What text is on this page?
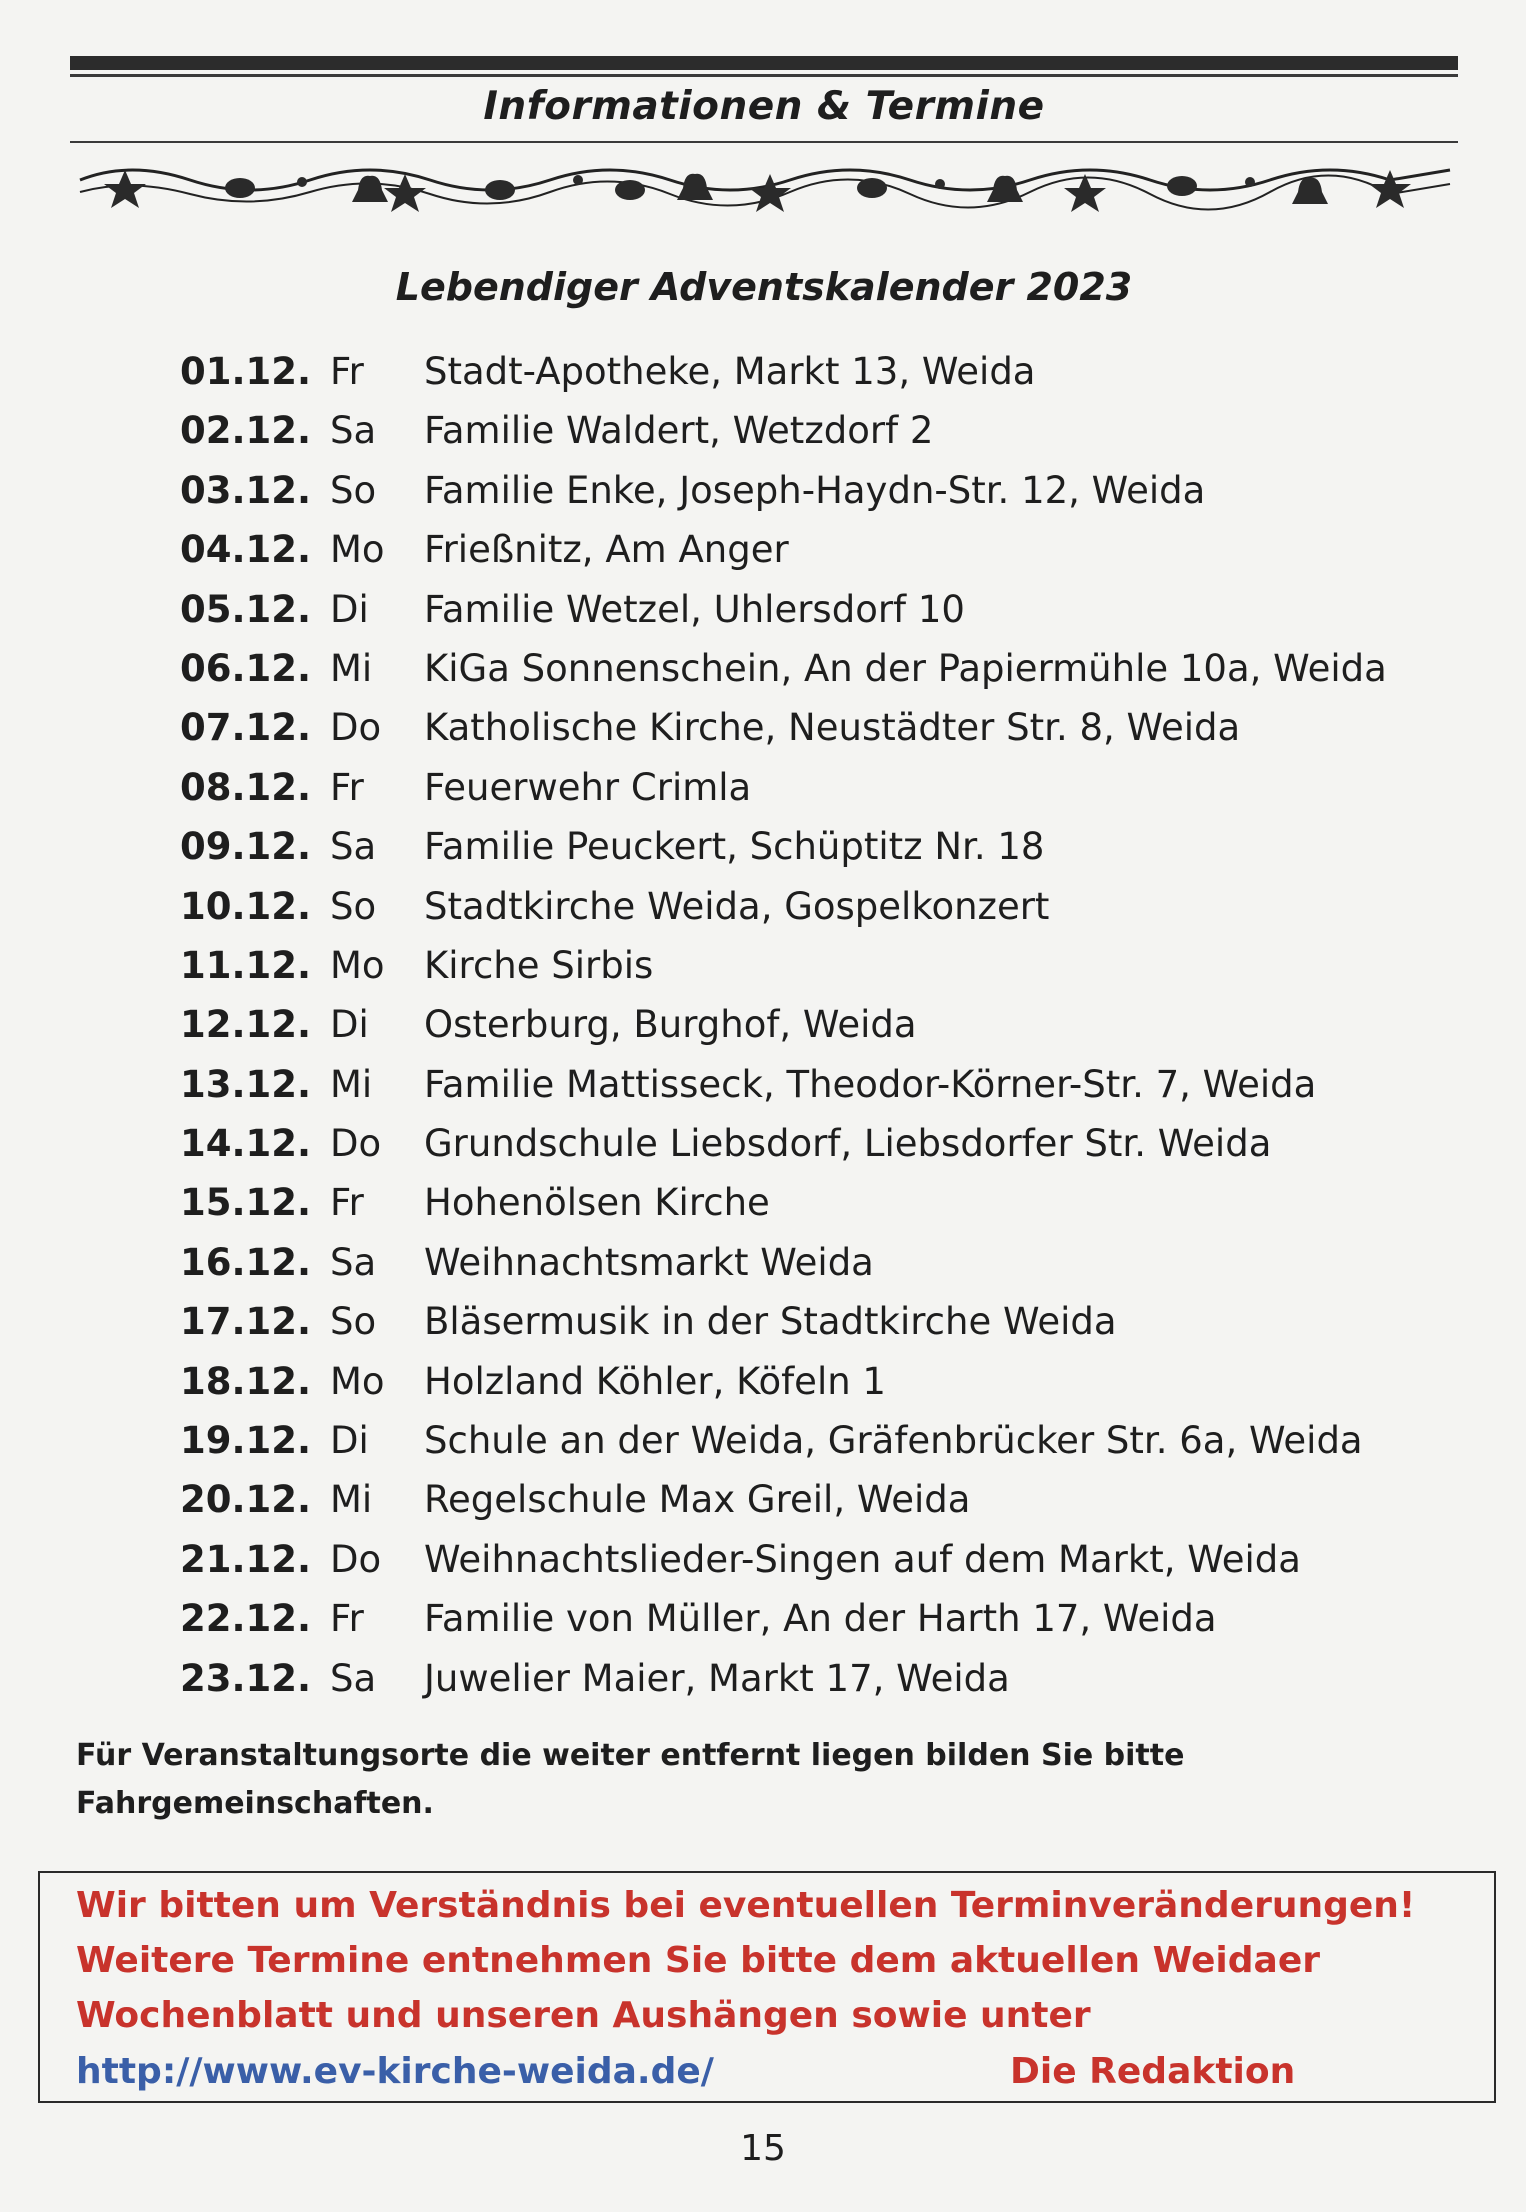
Informationen & Termine
Lebendiger Adventskalender 2023
01.12. Fr Stadt-Apotheke, Markt 13, Weida
02.12. Sa Familie Waldert, Wetzdorf 2
03.12. So Familie Enke, Joseph-Haydn-Str. 12, Weida
04.12. Mo Frießnitz, Am Anger
05.12. Di Familie Wetzel, Uhlersdorf 10
06.12. Mi KiGa Sonnenschein, An der Papiermühle 10a, Weida
07.12. Do Katholische Kirche, Neustädter Str. 8, Weida
08.12. Fr Feuerwehr Crimla
09.12. Sa Familie Peuckert, Schüptitz Nr. 18
10.12. So Stadtkirche Weida, Gospelkonzert
11.12. Mo Kirche Sirbis
12.12. Di Osterburg, Burghof, Weida
13.12. Mi Familie Mattisseck, Theodor-Körner-Str. 7, Weida
14.12. Do Grundschule Liebsdorf, Liebsdorfer Str. Weida
15.12. Fr Hohenölsen Kirche
16.12. Sa Weihnachtsmarkt Weida
17.12. So Bläsermusik in der Stadtkirche Weida
18.12. Mo Holzland Köhler, Köfeln 1
19.12. Di Schule an der Weida, Gräfenbrücker Str. 6a, Weida
20.12. Mi Regelschule Max Greil, Weida
21.12. Do Weihnachtslieder-Singen auf dem Markt, Weida
22.12. Fr Familie von Müller, An der Harth 17, Weida
23.12. Sa Juwelier Maier, Markt 17, Weida
Für Veranstaltungsorte die weiter entfernt liegen bilden Sie bitte
Fahrgemeinschaften.
Wir bitten um Verständnis bei eventuellen Terminveränderungen!
Weitere Termine entnehmen Sie bitte dem aktuellen Weidaer
Wochenblatt und unseren Aushängen sowie unter
http://www.ev-kirche-weida.de/	Die Redaktion
15
